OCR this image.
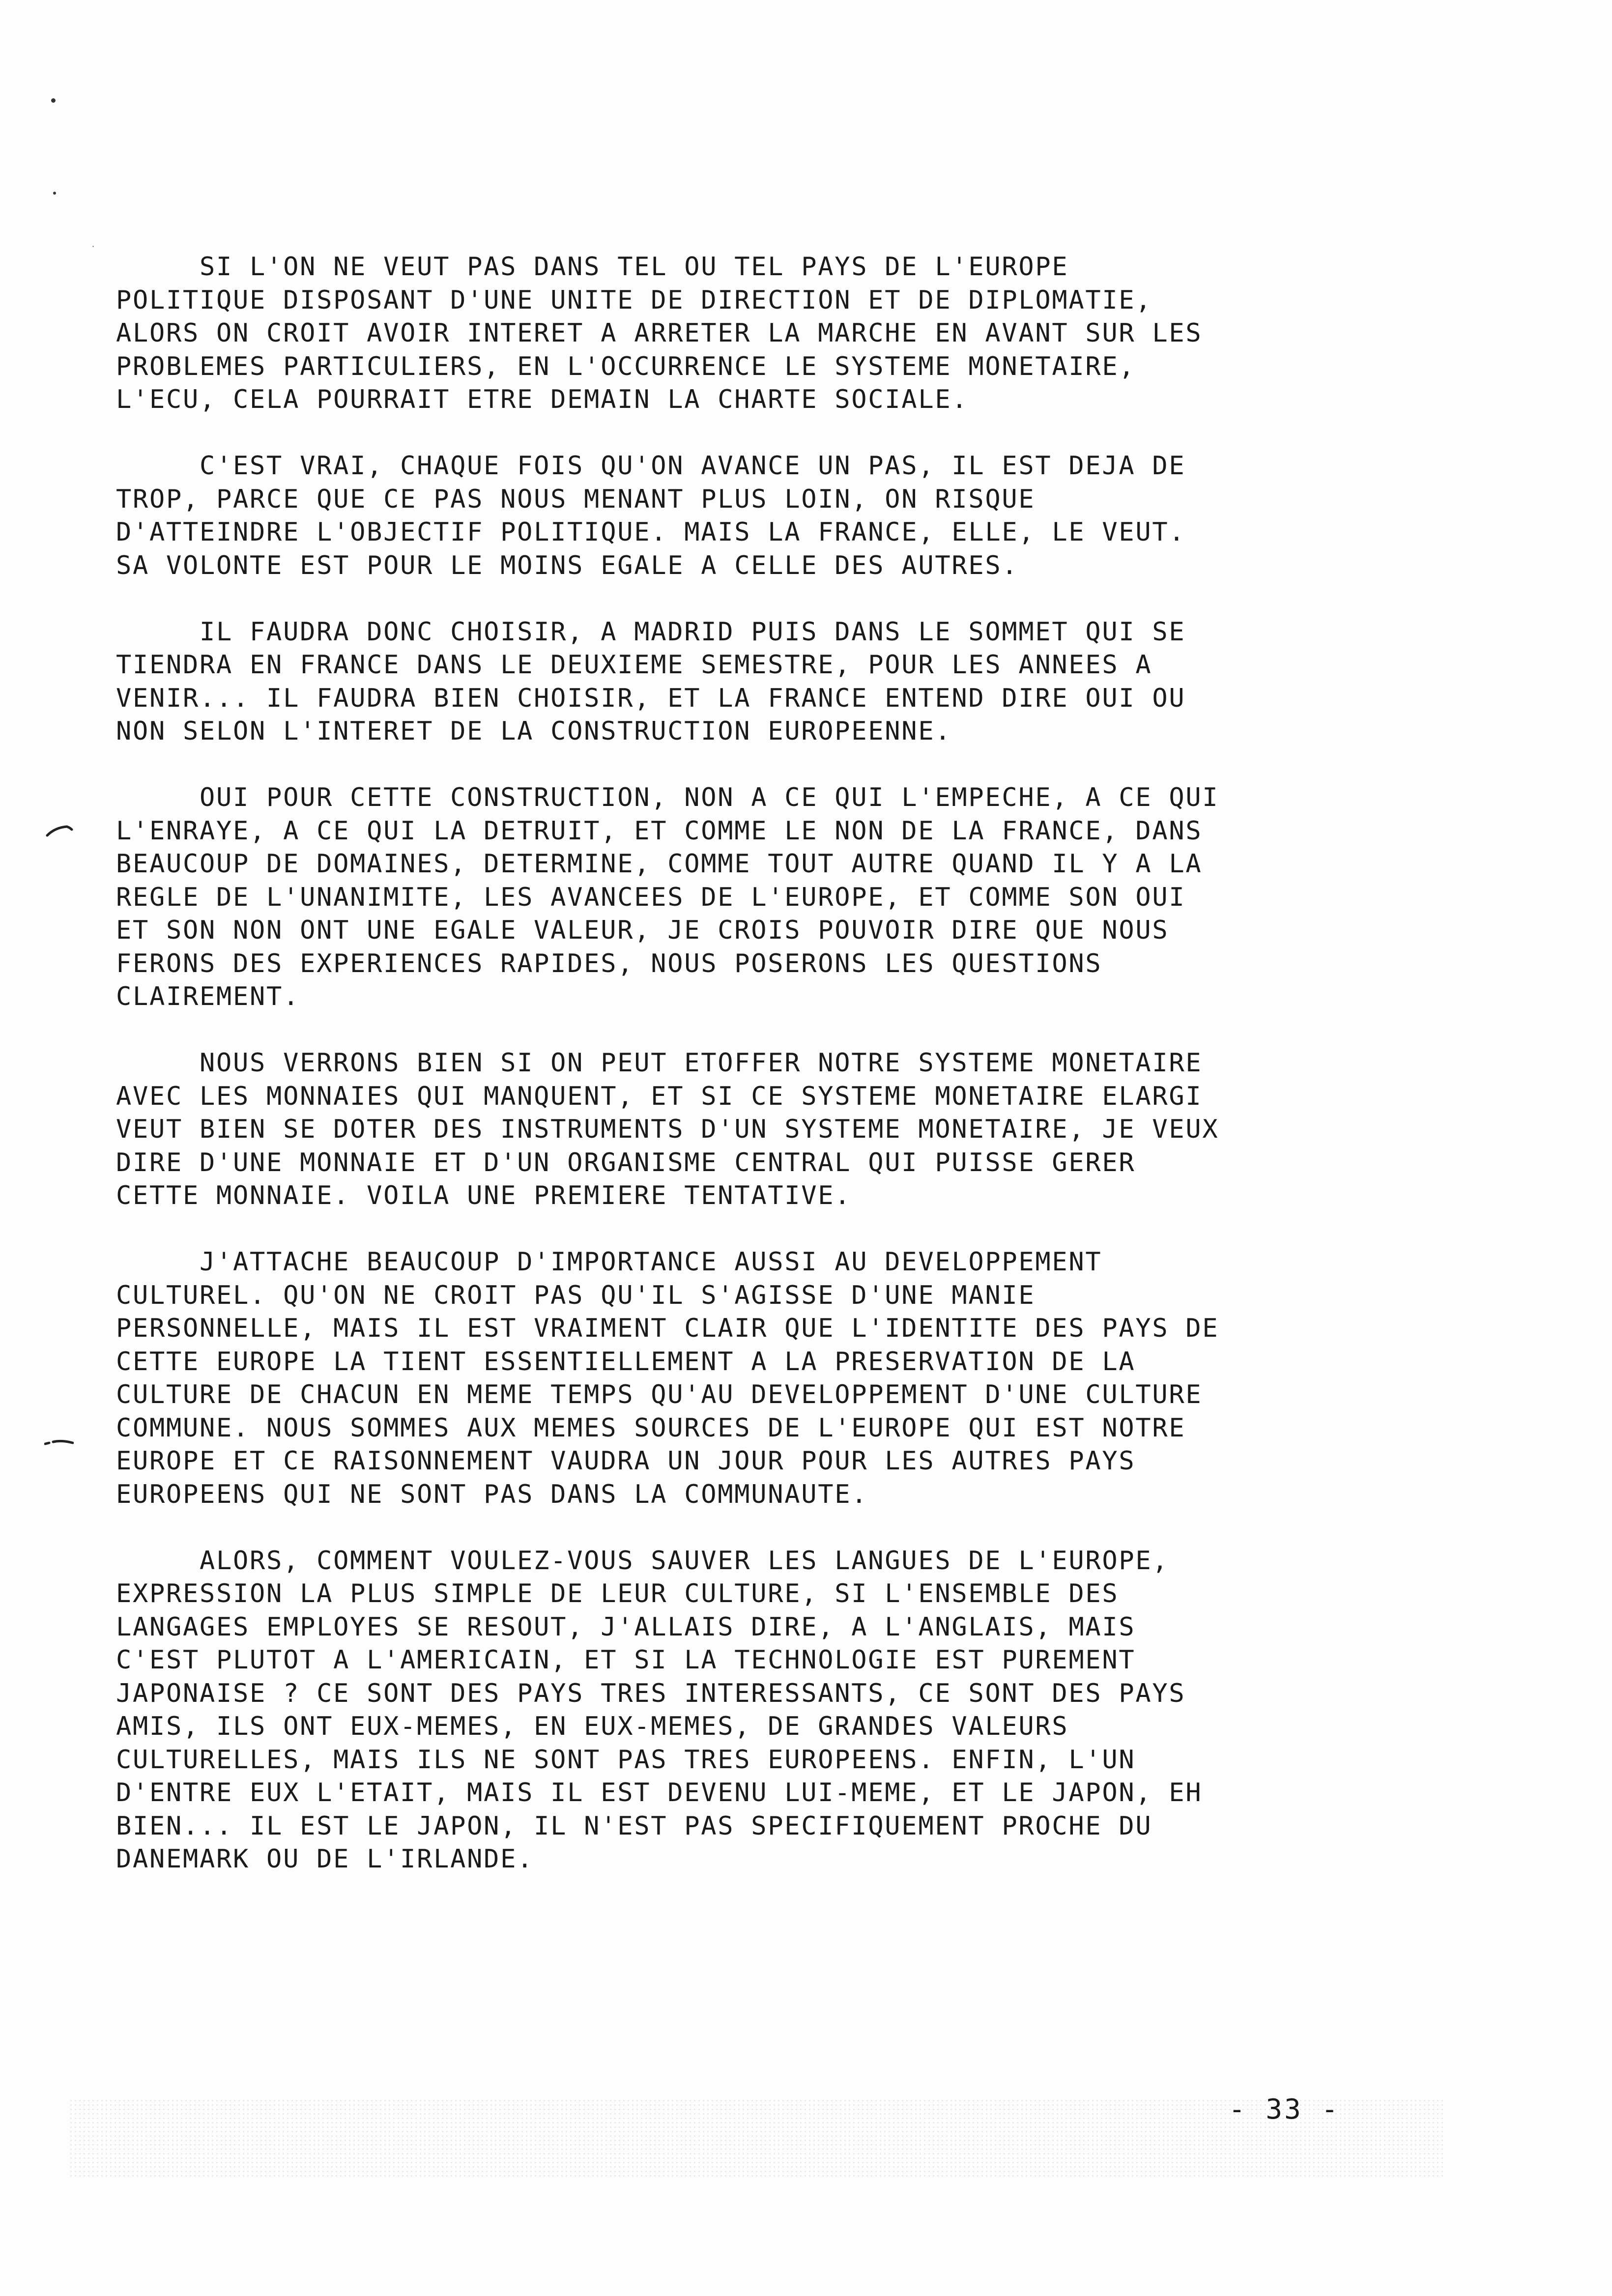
SI L'ON NE VEUT PAS DANS TEL OU TEL PAYS DE L'EUROPE
POLITIQUE DISPOSANT D'UNE UNITE DE DIRECTION ET DE DIPLOMATIE,
ALORS ON CROIT AVOIR INTERET A ARRETER LA MARCHE EN AVANT SUR LES
PROBLEMES PARTICULIERS, EN L'OCCURRENCE LE SYSTEME MONETAIRE,
L'ECU, CELA POURRAIT ETRE DEMAIN LA CHARTE SOCIALE.

C'EST VRAI, CHAQUE FOIS QU'ON AVANCE UN PAS, IL EST DEJA DE
TROP, PARCE QUE CE PAS NOUS MENANT PLUS LOIN, ON RISQUE
D'ATTEINDRE L'OBJECTIF POLITIQUE. MAIS LA FRANCE, ELLE, LE VEUT.
SA VOLONTE EST POUR LE MOINS EGALE A CELLE DES AUTRES.

IL FAUDRA DONC CHOISIR, A MADRID PUIS DANS LE SOMMET QUI SE
TIENDRA EN FRANCE DANS LE DEUXIEME SEMESTRE, POUR LES ANNEES A
VENIR... IL FAUDRA BIEN CHOISIR, ET LA FRANCE ENTEND DIRE OUI OU
NON SELON L'INTERET DE LA CONSTRUCTION EUROPEENNE.

OUI POUR CETTE CONSTRUCTION, NON A CE QUI L'EMPECHE, A CE QUI
L'ENRAYE, A CE QUI LA DETRUIT, ET COMME LE NON DE LA FRANCE, DANS
BEAUCOUP DE DOMAINES, DETERMINE, COMME TOUT AUTRE QUAND IL Y A LA
REGLE DE L'UNANIMITE, LES AVANCEES DE L'EUROPE, ET COMME SON OUI
ET SON NON ONT UNE EGALE VALEUR, JE CROIS POUVOIR DIRE QUE NOUS
FERONS DES EXPERIENCES RAPIDES, NOUS POSERONS LES QUESTIONS
CLAIREMENT.

NOUS VERRONS BIEN SI ON PEUT ETOFFER NOTRE SYSTEME MONETAIRE
AVEC LES MONNAIES QUI MANQUENT, ET SI CE SYSTEME MONETAIRE ELARGI
VEUT BIEN SE DOTER DES INSTRUMENTS D'UN SYSTEME MONETAIRE, JE VEUX
DIRE D'UNE MONNAIE ET D'UN ORGANISME CENTRAL QUI PUISSE GERER
CETTE MONNAIE. VOILA UNE PREMIERE TENTATIVE.

J'ATTACHE BEAUCOUP D'IMPORTANCE AUSSI AU DEVELOPPEMENT
CULTUREL. QU'ON NE CROIT PAS QU'IL S'AGISSE D'UNE MANIE
PERSONNELLE, MAIS IL EST VRAIMENT CLAIR QUE L'IDENTITE DES PAYS DE
CETTE EUROPE LA TIENT ESSENTIELLEMENT A LA PRESERVATION DE LA
CULTURE DE CHACUN EN MEME TEMPS QU'AU DEVELOPPEMENT D'UNE CULTURE
COMMUNE. NOUS SOMMES AUX MEMES SOURCES DE L'EUROPE QUI EST NOTRE
EUROPE ET CE RAISONNEMENT VAUDRA UN JOUR POUR LES AUTRES PAYS
EUROPEENS QUI NE SONT PAS DANS LA COMMUNAUTE.

ALORS, COMMENT VOULEZ-VOUS SAUVER LES LANGUES DE L'EUROPE,
EXPRESSION LA PLUS SIMPLE DE LEUR CULTURE, SI L'ENSEMBLE DES
LANGAGES EMPLOYES SE RESOUT, J'ALLAIS DIRE, A L'ANGLAIS, MAIS
C'EST PLUTOT A L'AMERICAIN, ET SI LA TECHNOLOGIE EST PUREMENT
JAPONAISE ? CE SONT DES PAYS TRES INTERESSANTS, CE SONT DES PAYS
AMIS, ILS ONT EUX-MEMES, EN EUX-MEMES, DE GRANDES VALEURS
CULTURELLES, MAIS ILS NE SONT PAS TRES EUROPEENS. ENFIN, L'UN
D'ENTRE EUX L'ETAIT, MAIS IL EST DEVENU LUI-MEME, ET LE JAPON, EH
BIEN... IL EST LE JAPON, IL N'EST PAS SPECIFIQUEMENT PROCHE DU
DANEMARK OU DE L'IRLANDE.

- 33 -
